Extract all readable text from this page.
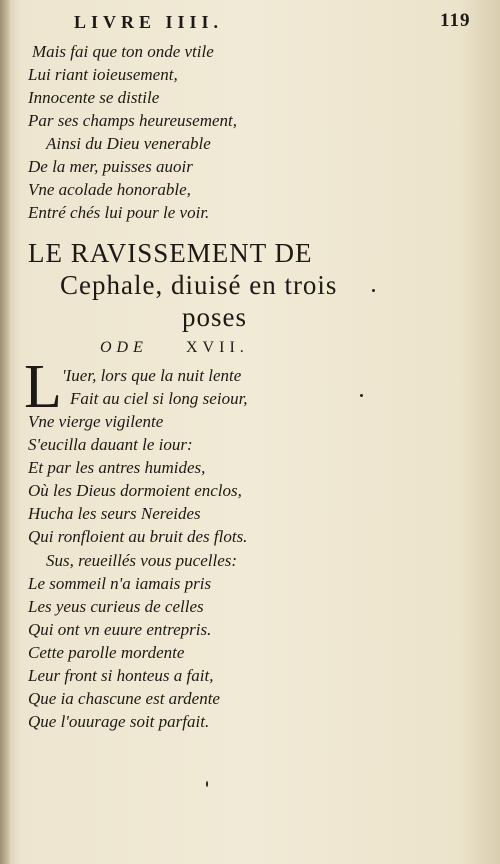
LIVRE IIII.	119
Mais fai que ton onde vtile
Lui riant ioieusement,
Innocente se distile
Par ses champs heureusement,
Ainsi du Dieu venerable
De la mer, puisses auoir
Vne acolade honorable,
Entré chés lui pour le voir.
LE RAVISSEMENT DE
Cephale, diuisé en trois
poses
ODE XVII.
L 'Iuer, lors que la nuit lente
Fait au ciel si long seiour,
Vne vierge vigilente
S'eucilla dauant le iour:
Et par les antres humides,
Où les Dieus dormoient enclos,
Hucha les seurs Nereides
Qui ronfloient au bruit des flots.
Sus, reueillés vous pucelles:
Le sommeil n'a iamais pris
Les yeus curieus de celles
Qui ont vn euure entrepris.
Cette parolle mordente
Leur front si honteus a fait,
Que ia chascune est ardente
Que l'ouurage soit parfait.
